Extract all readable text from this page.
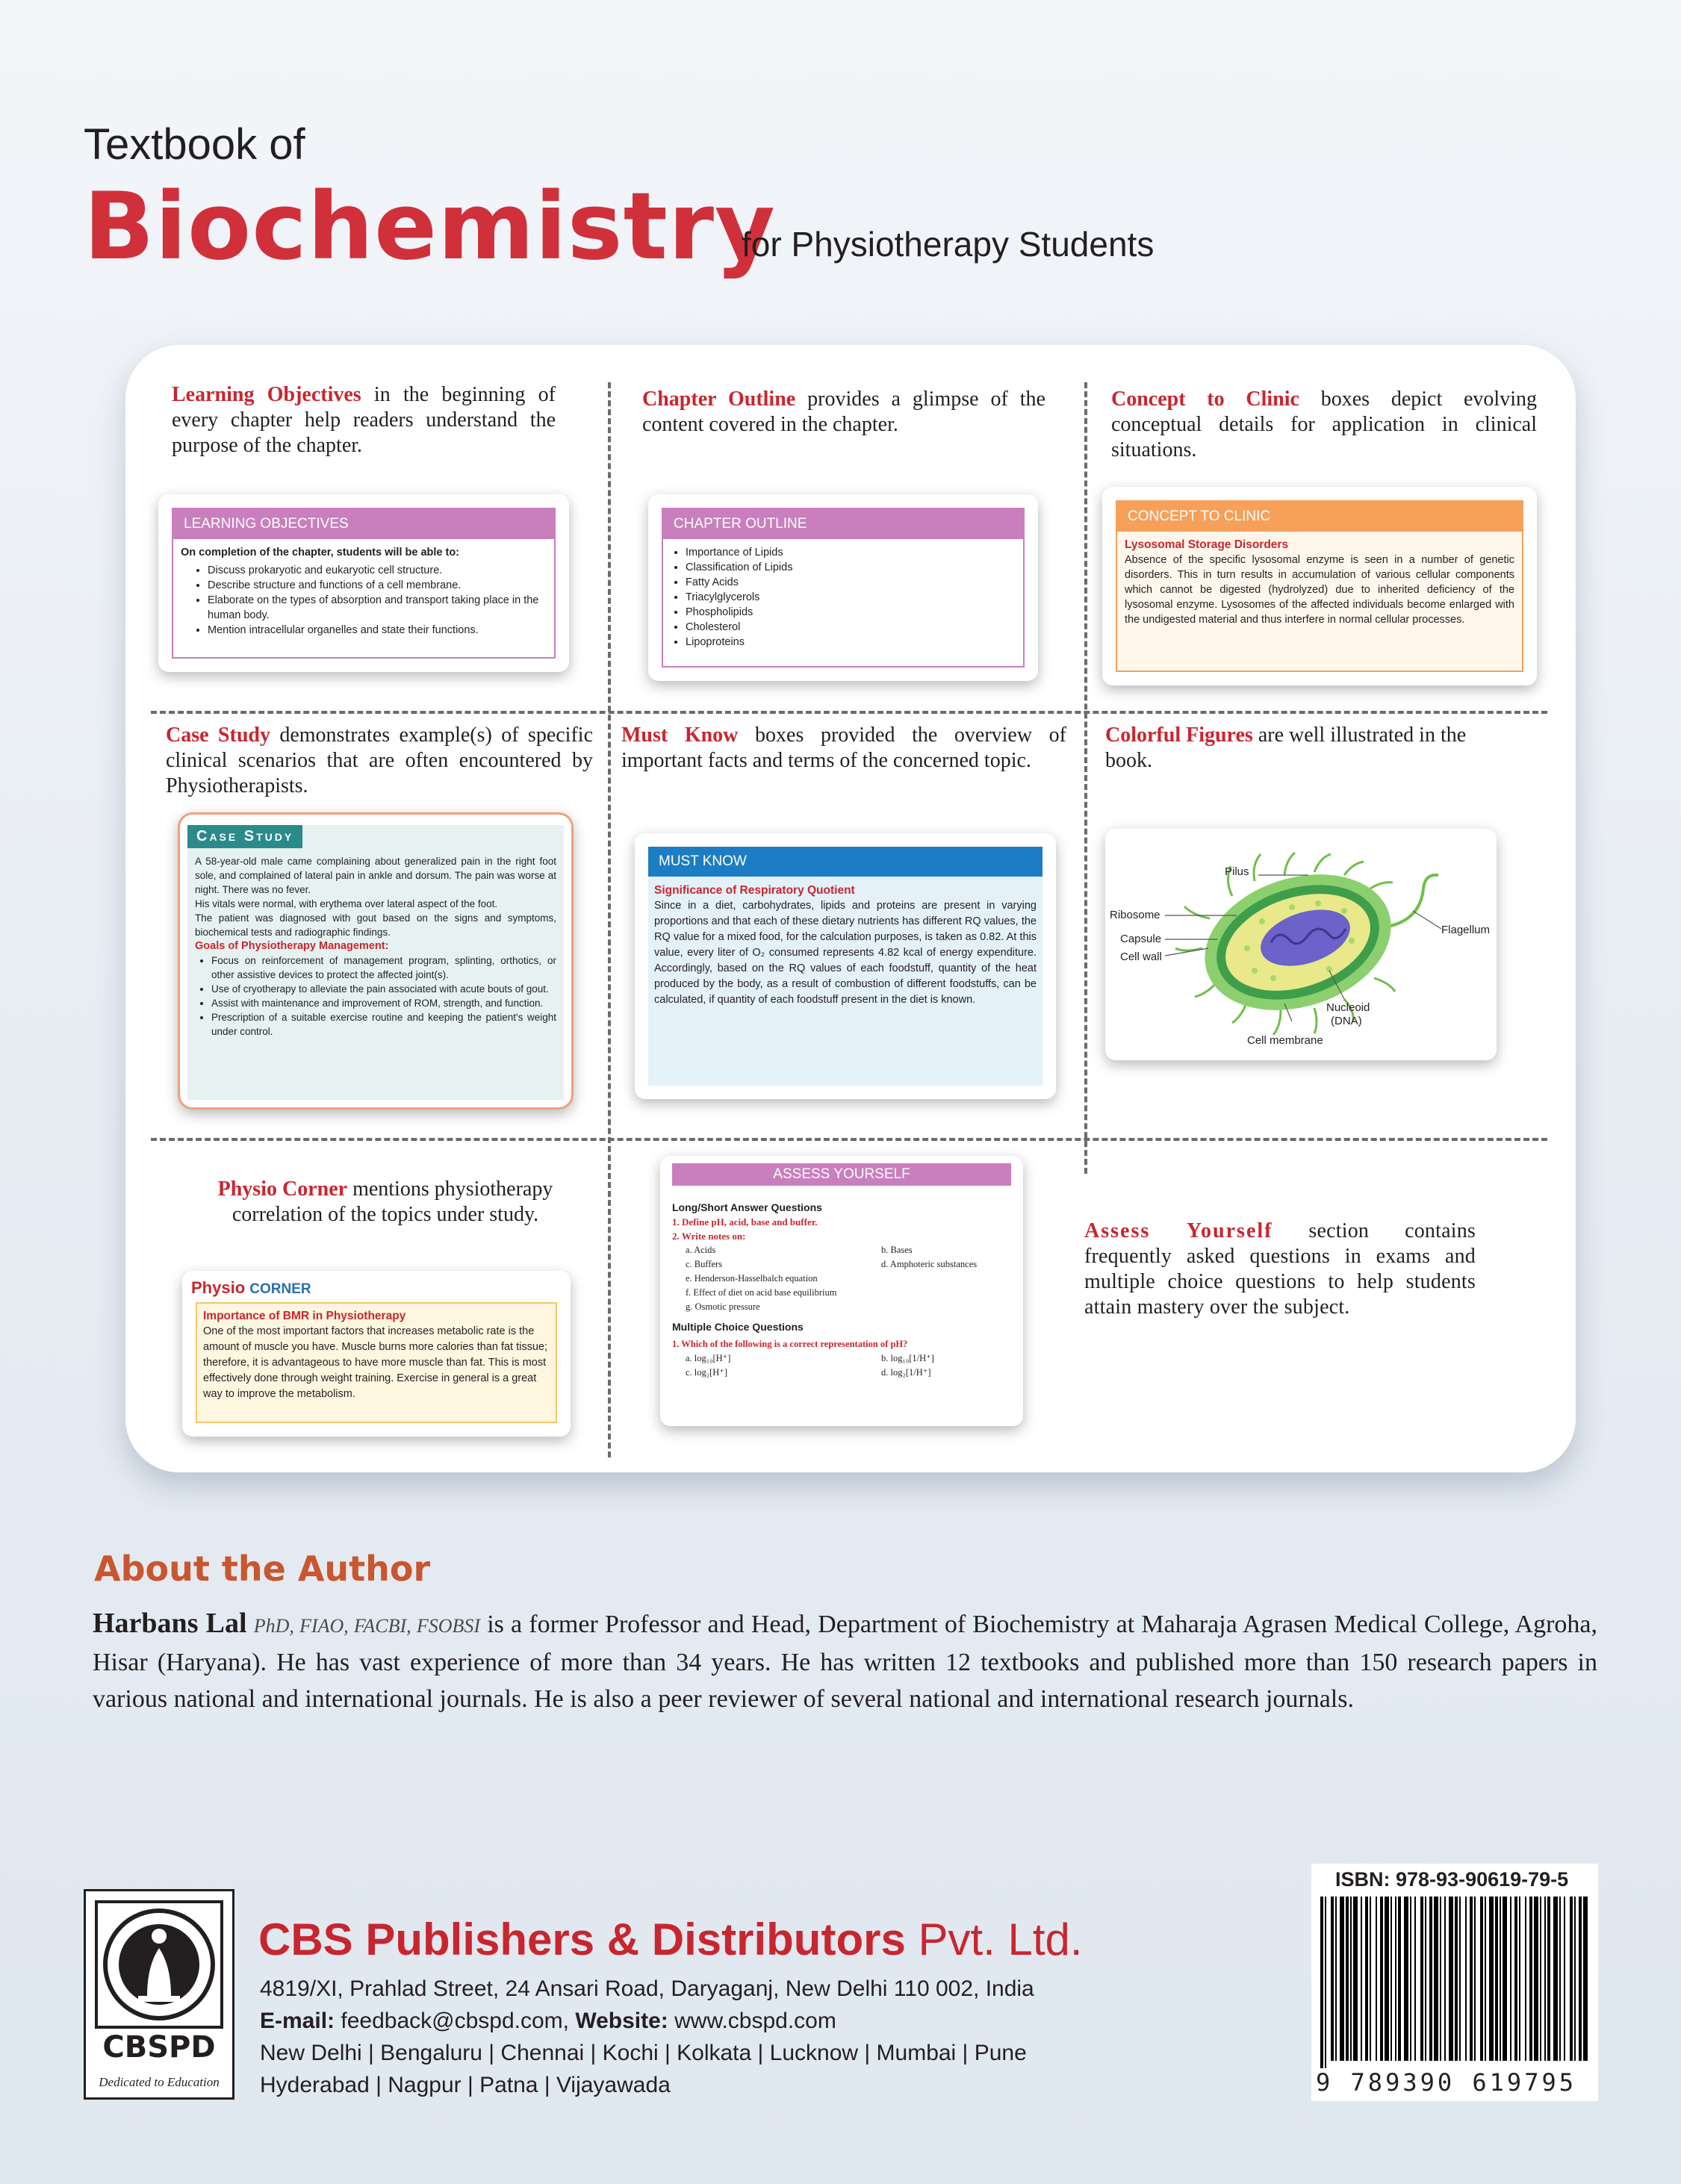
Textbook of
Biochemistry
for Physiotherapy Students
Learning Objectives in the beginning of every chapter help readers understand the purpose of the chapter.
LEARNING OBJECTIVES
On completion of the chapter, students will be able to:
• Discuss prokaryotic and eukaryotic cell structure.
• Describe structure and functions of a cell membrane.
• Elaborate on the types of absorption and transport taking place in the human body.
• Mention intracellular organelles and state their functions.
Chapter Outline provides a glimpse of the content covered in the chapter.
CHAPTER OUTLINE
• Importance of Lipids
• Classification of Lipids
• Fatty Acids
• Triacylglycerols
• Phospholipids
• Cholesterol
• Lipoproteins
Concept to Clinic boxes depict evolving conceptual details for application in clinical situations.
CONCEPT TO CLINIC
Lysosomal Storage Disorders
Absence of the specific lysosomal enzyme is seen in a number of genetic disorders. This in turn results in accumulation of various cellular components which cannot be digested (hydrolyzed) due to inherited deficiency of the lysosomal enzyme. Lysosomes of the affected individuals become enlarged with the undigested material and thus interfere in normal cellular processes.
Case Study demonstrates example(s) of specific clinical scenarios that are often encountered by Physiotherapists.
Case Study
A 58-year-old male came complaining about generalized pain in the right foot sole, and complained of lateral pain in ankle and dorsum. The pain was worse at night. There was no fever.
His vitals were normal, with erythema over lateral aspect of the foot.
The patient was diagnosed with gout based on the signs and symptoms, biochemical tests and radiographic findings.
Goals of Physiotherapy Management:
• Focus on reinforcement of management program, splinting, orthotics, or other assistive devices to protect the affected joint(s).
• Use of cryotherapy to alleviate the pain associated with acute bouts of gout.
• Assist with maintenance and improvement of ROM, strength, and function.
• Prescription of a suitable exercise routine and keeping the patient's weight under control.
Must Know boxes provided the overview of important facts and terms of the concerned topic.
MUST KNOW
Significance of Respiratory Quotient
Since in a diet, carbohydrates, lipids and proteins are present in varying proportions and that each of these dietary nutrients has different RQ values, the RQ value for a mixed food, for the calculation purposes, is taken as 0.82. At this value, every liter of O₂ consumed represents 4.82 kcal of energy expenditure. Accordingly, based on the RQ values of each foodstuff, quantity of the heat produced by the body, as a result of combustion of different foodstuffs, can be calculated, if quantity of each foodstuff present in the diet is known.
Colorful Figures are well illustrated in the book.
Pilus
Ribosome
Capsule
Cell wall
Flagellum
Nucleoid
(DNA)
Cell membrane
Physio Corner mentions physiotherapy correlation of the topics under study.
Physio CORNER
Importance of BMR in Physiotherapy
One of the most important factors that increases metabolic rate is the amount of muscle you have. Muscle burns more calories than fat tissue; therefore, it is advantageous to have more muscle than fat. This is most effectively done through weight training. Exercise in general is a great way to improve the metabolism.
ASSESS YOURSELF
Long/Short Answer Questions
1. Define pH, acid, base and buffer.
2. Write notes on:
a. Acids
c. Buffers
e. Henderson-Hasselbalch equation
f. Effect of diet on acid base equilibrium
g. Osmotic pressure
b. Bases
d. Amphoteric substances
Multiple Choice Questions
1. Which of the following is a correct representation of pH?
a. log₁₀[H⁺]
c. log₂[H⁺]
b. log₁₀[1/H⁺]
d. log₂[1/H⁺]
Assess Yourself section contains frequently asked questions in exams and multiple choice questions to help students attain mastery over the subject.
About the Author
Harbans Lal PhD, FIAO, FACBI, FSOBSI is a former Professor and Head, Department of Biochemistry at Maharaja Agrasen Medical College, Agroha, Hisar (Haryana). He has vast experience of more than 34 years. He has written 12 textbooks and published more than 150 research papers in various national and international journals. He is also a peer reviewer of several national and international research journals.
CBSPD
Dedicated to Education
CBS Publishers & Distributors Pvt. Ltd.
4819/XI, Prahlad Street, 24 Ansari Road, Daryaganj, New Delhi 110 002, India
E-mail: feedback@cbspd.com, Website: www.cbspd.com
New Delhi | Bengaluru | Chennai | Kochi | Kolkata | Lucknow | Mumbai | Pune
Hyderabad | Nagpur | Patna | Vijayawada
ISBN: 978-93-90619-79-5
9 789390 619795
